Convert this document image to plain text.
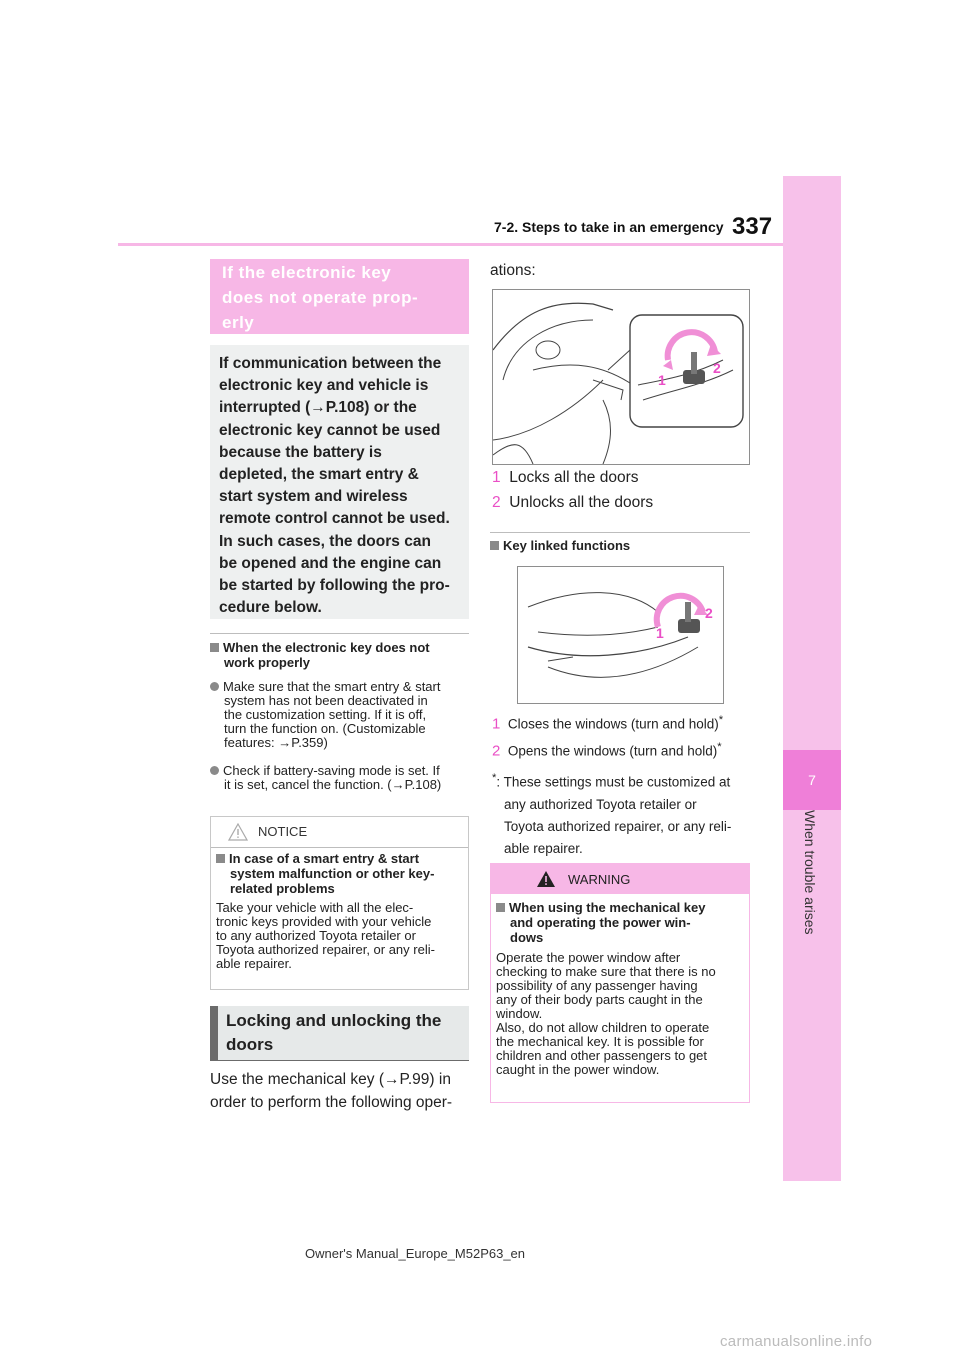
7-2. Steps to take in an emergency 337
7
When trouble arises
If the electronic key
does not operate prop-
erly
If communication between the
electronic key and vehicle is
interrupted (→P.108) or the
electronic key cannot be used
because the battery is
depleted, the smart entry &
start system and wireless
remote control cannot be used.
In such cases, the doors can
be opened and the engine can
be started by following the pro-
cedure below.
When the electronic key does not
work properly
Make sure that the smart entry & start
system has not been deactivated in
the customization setting. If it is off,
turn the function on. (Customizable
features: →P.359)
Check if battery-saving mode is set. If
it is set, cancel the function. (→P.108)
NOTICE
In case of a smart entry & start
system malfunction or other key-
related problems
Take your vehicle with all the elec-
tronic keys provided with your vehicle
to any authorized Toyota retailer or
Toyota authorized repairer, or any reli-
able repairer.
Locking and unlocking the
doors
Use the mechanical key (→P.99) in
order to perform the following oper-
ations:
1
2
1 Locks all the doors
2 Unlocks all the doors
Key linked functions
1
2
1 Closes the windows (turn and hold)*
2 Opens the windows (turn and hold)*
*: These settings must be customized at
any authorized Toyota retailer or
Toyota authorized repairer, or any reli-
able repairer.
WARNING
When using the mechanical key
and operating the power win-
dows
Operate the power window after
checking to make sure that there is no
possibility of any passenger having
any of their body parts caught in the
window.
Also, do not allow children to operate
the mechanical key. It is possible for
children and other passengers to get
caught in the power window.
Owner's Manual_Europe_M52P63_en
carmanualsonline.info
